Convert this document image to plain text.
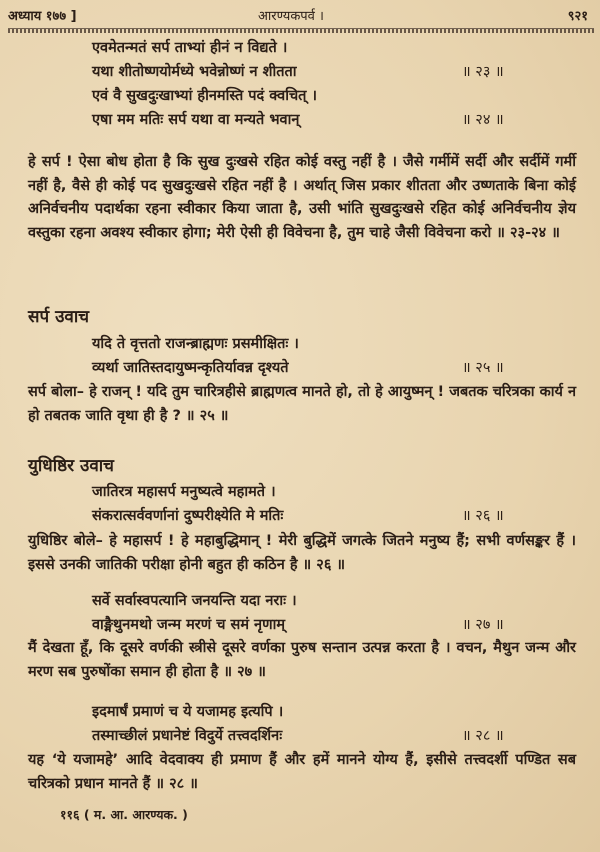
अध्याय १७७ ]	आरण्यकपर्व ।	९२१
एवमेतन्मतं सर्प ताभ्यां हीनं न विद्यते ।
यथा शीतोष्णयोर्मध्ये भवेन्नोष्णं न शीतता	॥ २३ ॥
एवं वै सुखदुःखाभ्यां हीनमस्ति पदं क्वचित् ।
एषा मम मतिः सर्प यथा वा मन्यते भवान्	॥ २४ ॥
हे सर्प ! ऐसा बोध होता है कि सुख दुःखसे रहित कोई वस्तु नहीं है । जैसे गर्मीमें सर्दी और सर्दीमें गर्मी नहीं है, वैसे ही कोई पद सुखदुःखसे रहित नहीं है । अर्थात् जिस प्रकार शीतता और उष्णताके बिना कोई अनिर्वचनीय पदार्थका रहना स्वीकार किया जाता है, उसी भांति सुखदुःखसे रहित कोई अनिर्वचनीय ज्ञेय वस्तुका रहना अवश्य स्वीकार होगा; मेरी ऐसी ही विवेचना है, तुम चाहे जैसी विवेचना करो ॥ २३-२४ ॥
सर्प उवाच
यदि ते वृत्ततो राजन्ब्राह्मणः प्रसमीक्षितः ।
व्यर्था जातिस्तदायुष्मन्कृतिर्यावन्न दृश्यते	॥ २५ ॥
सर्प बोला– हे राजन् ! यदि तुम चारित्रहीसे ब्राह्मणत्व मानते हो, तो हे आयुष्मन् ! जबतक चरित्रका कार्य न हो तबतक जाति वृथा ही है ? ॥ २५ ॥
युधिष्ठिर उवाच
जातिरत्र महासर्प मनुष्यत्वे महामते ।
संकरात्सर्ववर्णानां दुष्परीक्ष्येति मे मतिः	॥ २६ ॥
युधिष्ठिर बोले– हे महासर्प ! हे महाबुद्धिमान् ! मेरी बुद्धिमें जगत्के जितने मनुष्य हैं; सभी वर्णसङ्कर हैं । इससे उनकी जातिकी परीक्षा होनी बहुत ही कठिन है ॥ २६ ॥
सर्वे सर्वास्वपत्यानि जनयन्ति यदा नराः ।
वाङ्मैथुनमथो जन्म मरणं च समं नृणाम्	॥ २७ ॥
मैं देखता हूँ, कि दूसरे वर्णकी स्त्रीसे दूसरे वर्णका पुरुष सन्तान उत्पन्न करता है । वचन, मैथुन जन्म और मरण सब पुरुषोंका समान ही होता है ॥ २७ ॥
इदमार्षं प्रमाणं च ये यजामह इत्यपि ।
तस्माच्छीलं प्रधानेष्टं विदुर्ये तत्त्वदर्शिनः	॥ २८ ॥
यह ‘ये यजामहे’ आदि वेदवाक्य ही प्रमाण हैं और हमें मानने योग्य हैं, इसीसे तत्त्वदर्शी पण्डित सब चरित्रको प्रधान मानते हैं ॥ २८ ॥
११६ ( म. आ. आरण्यक. )
